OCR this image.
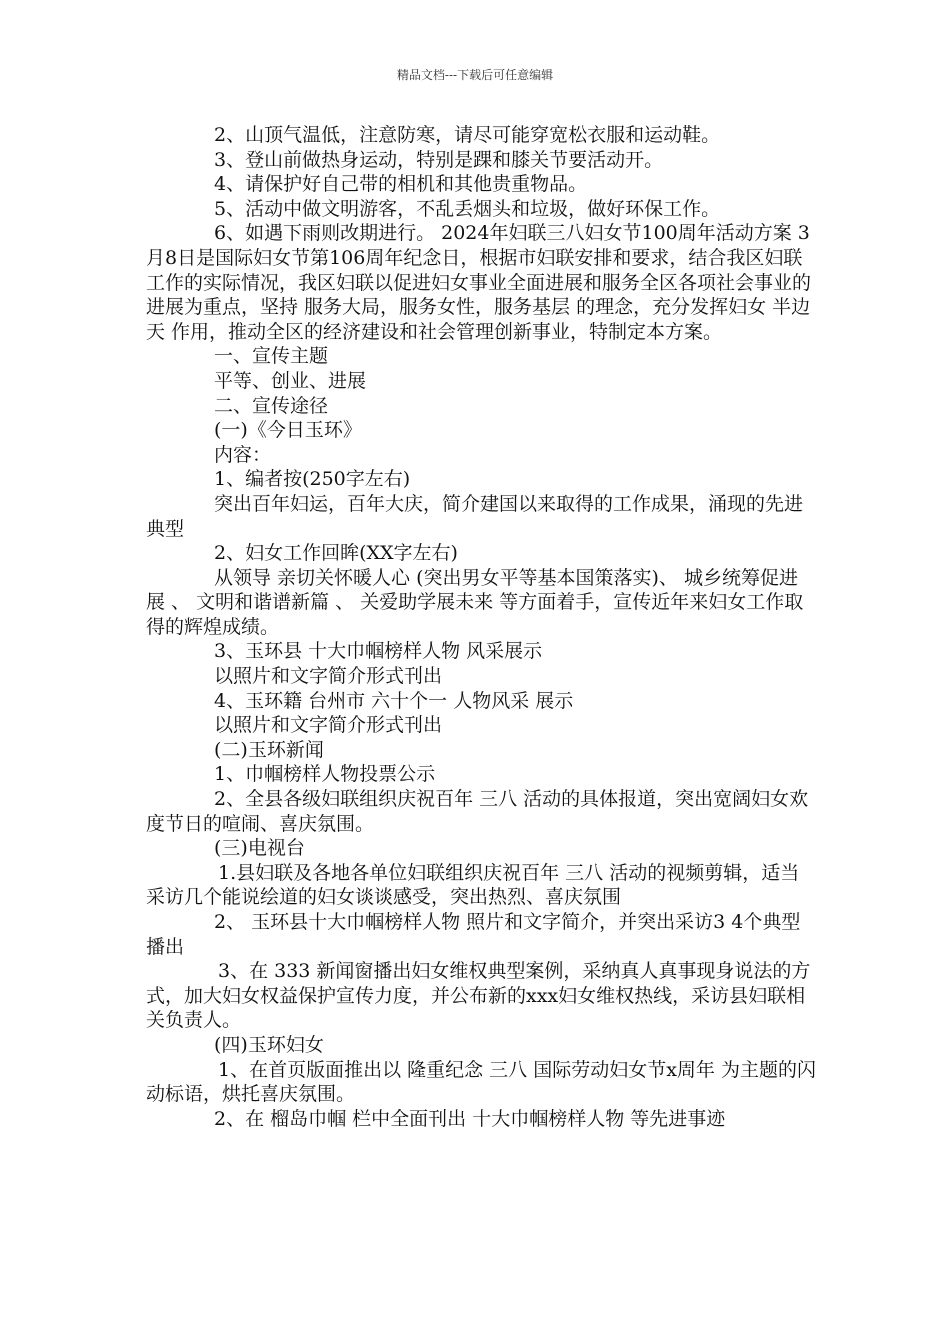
精品文档---下载后可任意编辑

2、山顶气温低，注意防寒，请尽可能穿宽松衣服和运动鞋。

3、登山前做热身运动，特别是踝和膝关节要活动开。

4、请保护好自己带的相机和其他贵重物品。

5、活动中做文明游客，不乱丢烟头和垃圾，做好环保工作。

6、如遇下雨则改期进行。 2024年妇联三八妇女节100周年活动方案 3月8日是国际妇女节第106周年纪念日，根据市妇联安排和要求，结合我区妇联工作的实际情况，我区妇联以促进妇女事业全面进展和服务全区各项社会事业的进展为重点，坚持 服务大局，服务女性，服务基层 的理念，充分发挥妇女 半边天 作用，推动全区的经济建设和社会管理创新事业，特制定本方案。

一、宣传主题

平等、创业、进展

二、宣传途径

(一)《今日玉环》

内容：

1、编者按(250字左右)

突出百年妇运，百年大庆，简介建国以来取得的工作成果，涌现的先进典型

2、妇女工作回眸(XX字左右)

从领导 亲切关怀暖人心 (突出男女平等基本国策落实)、 城乡统筹促进展 、 文明和谐谱新篇 、 关爱助学展未来 等方面着手，宣传近年来妇女工作取得的辉煌成绩。

3、玉环县 十大巾帼榜样人物 风采展示

以照片和文字简介形式刊出

4、玉环籍 台州市 六十个一 人物风采 展示

以照片和文字简介形式刊出

(二)玉环新闻

1、巾帼榜样人物投票公示

2、全县各级妇联组织庆祝百年 三八 活动的具体报道，突出宽阔妇女欢度节日的喧闹、喜庆氛围。

(三)电视台

1.县妇联及各地各单位妇联组织庆祝百年 三八 活动的视频剪辑，适当采访几个能说绘道的妇女谈谈感受，突出热烈、喜庆氛围

2、 玉环县十大巾帼榜样人物 照片和文字简介，并突出采访3 4个典型播出

3、在 333 新闻窗播出妇女维权典型案例，采纳真人真事现身说法的方式，加大妇女权益保护宣传力度，并公布新的xxx妇女维权热线，采访县妇联相关负责人。

(四)玉环妇女

1、在首页版面推出以 隆重纪念 三八 国际劳动妇女节x周年 为主题的闪动标语，烘托喜庆氛围。

2、在 榴岛巾帼 栏中全面刊出 十大巾帼榜样人物 等先进事迹
